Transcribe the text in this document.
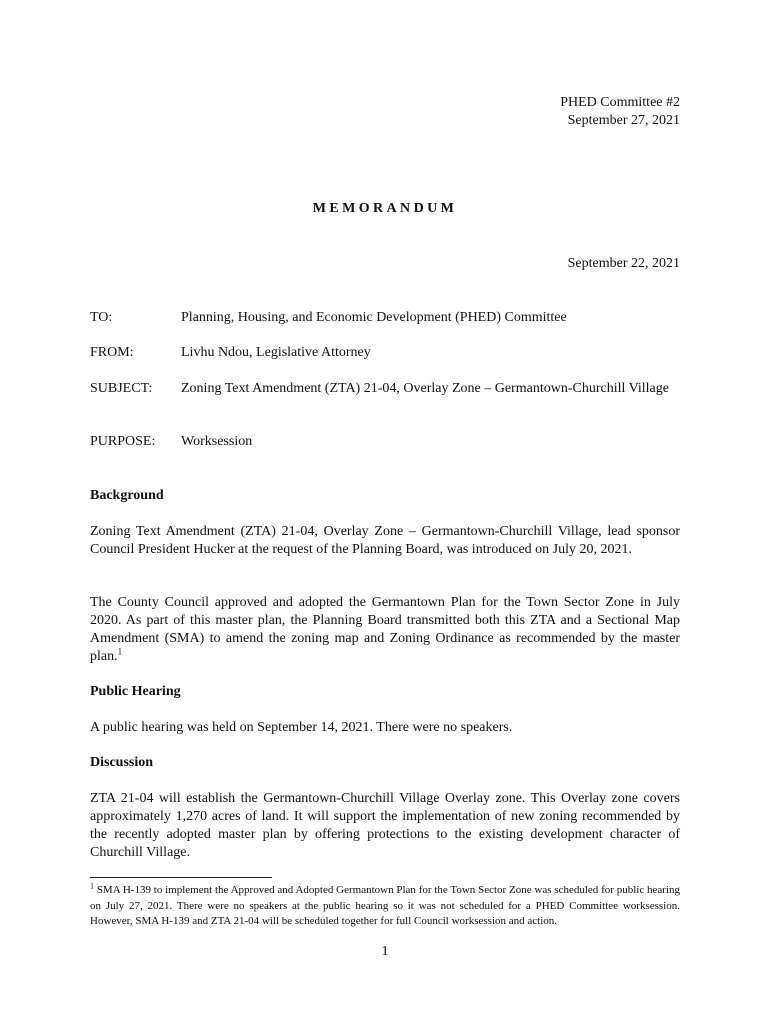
PHED Committee #2
September 27, 2021
MEMORANDUM
September 22, 2021
TO:	Planning, Housing, and Economic Development (PHED) Committee
FROM:	Livhu Ndou, Legislative Attorney
SUBJECT: Zoning Text Amendment (ZTA) 21-04, Overlay Zone – Germantown-Churchill Village
PURPOSE: Worksession
Background
Zoning Text Amendment (ZTA) 21-04, Overlay Zone – Germantown-Churchill Village, lead sponsor Council President Hucker at the request of the Planning Board, was introduced on July 20, 2021.
The County Council approved and adopted the Germantown Plan for the Town Sector Zone in July 2020. As part of this master plan, the Planning Board transmitted both this ZTA and a Sectional Map Amendment (SMA) to amend the zoning map and Zoning Ordinance as recommended by the master plan.$^1$
Public Hearing
A public hearing was held on September 14, 2021. There were no speakers.
Discussion
ZTA 21-04 will establish the Germantown-Churchill Village Overlay zone. This Overlay zone covers approximately 1,270 acres of land. It will support the implementation of new zoning recommended by the recently adopted master plan by offering protections to the existing development character of Churchill Village.
$^1$ SMA H-139 to implement the Approved and Adopted Germantown Plan for the Town Sector Zone was scheduled for public hearing on July 27, 2021. There were no speakers at the public hearing so it was not scheduled for a PHED Committee worksession. However, SMA H-139 and ZTA 21-04 will be scheduled together for full Council worksession and action.
1
